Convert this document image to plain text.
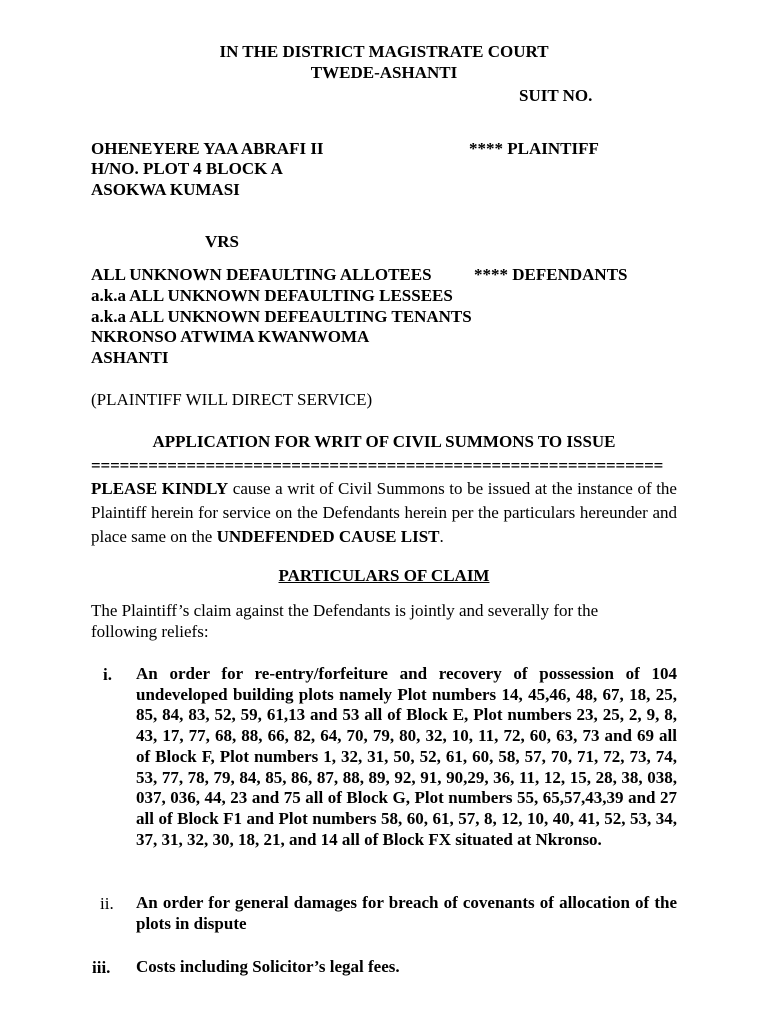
IN THE DISTRICT MAGISTRATE COURT
TWEDE-ASHANTI
SUIT NO.
OHENEYERE YAA ABRAFI II	**** PLAINTIFF
H/NO. PLOT 4 BLOCK A
ASOKWA KUMASI
VRS
ALL UNKNOWN DEFAULTING ALLOTEES **** DEFENDANTS
a.k.a ALL UNKNOWN DEFAULTING LESSEES
a.k.a ALL UNKNOWN DEFEAULTING TENANTS
NKRONSO ATWIMA KWANWOMA
ASHANTI
(PLAINTIFF WILL DIRECT SERVICE)
APPLICATION FOR WRIT OF CIVIL SUMMONS TO ISSUE
============================================================
PLEASE KINDLY cause a writ of Civil Summons to be issued at the instance of the Plaintiff herein for service on the Defendants herein per the particulars hereunder and place same on the UNDEFENDED CAUSE LIST.
PARTICULARS OF CLAIM
The Plaintiff’s claim against the Defendants is jointly and severally for the
following reliefs:
i. An order for re-entry/forfeiture and recovery of possession of 104 undeveloped building plots namely Plot numbers 14, 45,46, 48, 67, 18, 25, 85, 84, 83, 52, 59, 61,13 and 53 all of Block E, Plot numbers 23, 25, 2, 9, 8, 43, 17, 77, 68, 88, 66, 82, 64, 70, 79, 80, 32, 10, 11, 72, 60, 63, 73 and 69 all of Block F, Plot numbers 1, 32, 31, 50, 52, 61, 60, 58, 57, 70, 71, 72, 73, 74, 53, 77, 78, 79, 84, 85, 86, 87, 88, 89, 92, 91, 90,29, 36, 11, 12, 15, 28, 38, 038, 037, 036, 44, 23 and 75 all of Block G, Plot numbers 55, 65,57,43,39 and 27 all of Block F1 and Plot numbers 58, 60, 61, 57, 8, 12, 10, 40, 41, 52, 53, 34, 37, 31, 32, 30, 18, 21, and 14 all of Block FX situated at Nkronso.
ii. An order for general damages for breach of covenants of allocation of the plots in dispute
iii. Costs including Solicitor’s legal fees.
